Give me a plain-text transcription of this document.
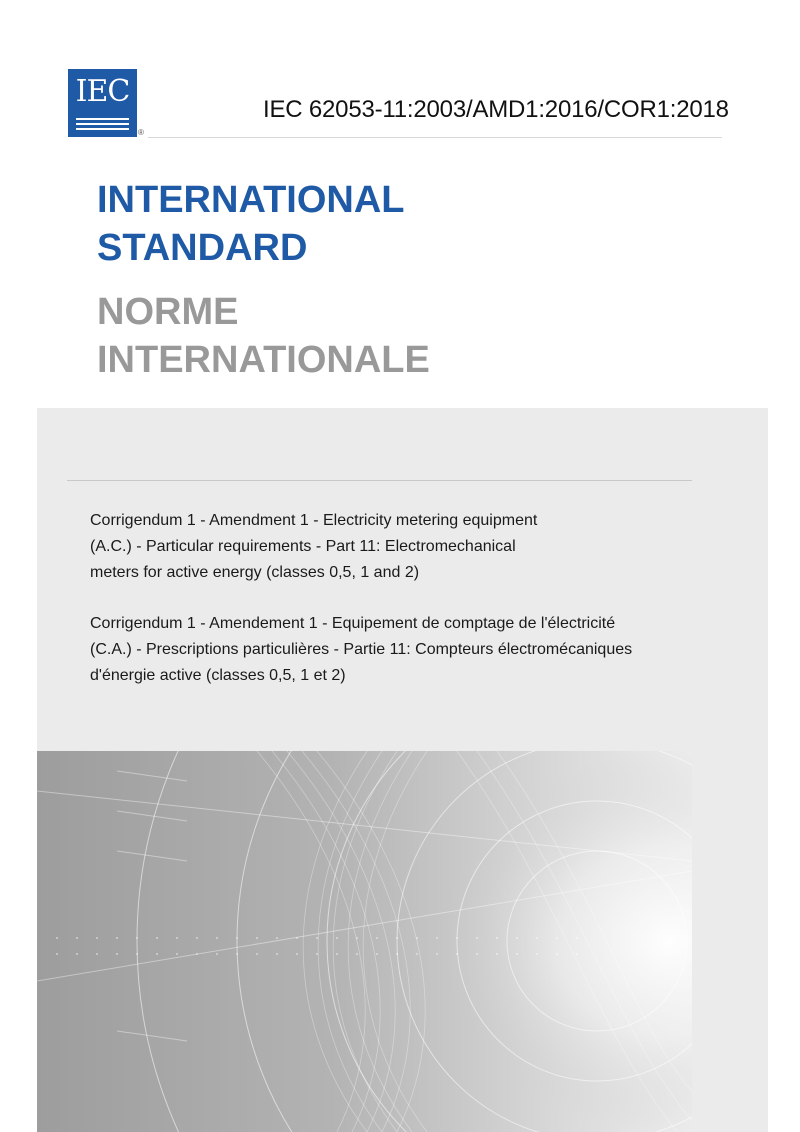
IEC
®
IEC 62053-11:2003/AMD1:2016/COR1:2018
INTERNATIONAL
STANDARD
NORME
INTERNATIONALE

Corrigendum 1 - Amendment 1 - Electricity metering equipment
(A.C.) - Particular requirements - Part 11: Electromechanical
meters for active energy (classes 0,5, 1 and 2)

Corrigendum 1 - Amendement 1 - Equipement de comptage de l'électricité
(C.A.) - Prescriptions particulières - Partie 11: Compteurs électromécaniques
d'énergie active (classes 0,5, 1 et 2)
